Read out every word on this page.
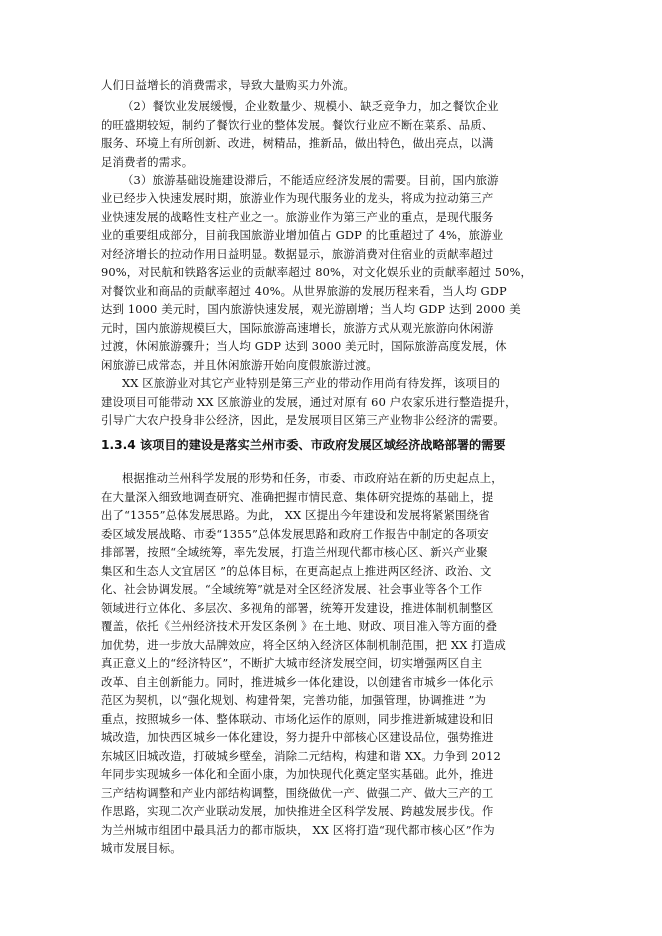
人们日益增长的消费需求，导致大量购买力外流。
（2）餐饮业发展缓慢，企业数量少、规模小、缺乏竞争力，加之餐饮企业
的旺盛期较短，制约了餐饮行业的整体发展。餐饮行业应不断在菜系、品质、
服务、环境上有所创新、改进，树精品，推新品，做出特色，做出亮点，以满
足消费者的需求。
（3）旅游基础设施建设滞后，不能适应经济发展的需要。目前，国内旅游
业已经步入快速发展时期，旅游业作为现代服务业的龙头，将成为拉动第三产
业快速发展的战略性支柱产业之一。旅游业作为第三产业的重点，是现代服务
业的重要组成部分，目前我国旅游业增加值占 GDP 的比重超过了 4%，旅游业
对经济增长的拉动作用日益明显。数据显示，旅游消费对住宿业的贡献率超过
90%，对民航和铁路客运业的贡献率超过 80%，对文化娱乐业的贡献率超过 50%，
对餐饮业和商品的贡献率超过 40%。从世界旅游的发展历程来看，当人均 GDP
达到 1000 美元时，国内旅游快速发展，观光游剧增；当人均 GDP 达到 2000 美
元时，国内旅游规模巨大，国际旅游高速增长，旅游方式从观光旅游向休闲游
过渡，休闲旅游骤升；当人均 GDP 达到 3000 美元时，国际旅游高度发展，休
闲旅游已成常态，并且休闲旅游开始向度假旅游过渡。
XX 区旅游业对其它产业特别是第三产业的带动作用尚有待发挥，该项目的
建设项目可能带动 XX 区旅游业的发展，通过对原有 60 户农家乐进行整造提升，
引导广大农户投身非公经济，因此，是发展项目区第三产业物非公经济的需要。
1.3.4 该项目的建设是落实兰州市委、市政府发展区域经济战略部署的需要
根据推动兰州科学发展的形势和任务，市委、市政府站在新的历史起点上，
在大量深入细致地调查研究、准确把握市情民意、集体研究提炼的基础上，提
出了“1355”总体发展思路。为此， XX 区提出今年建设和发展将紧紧围绕省
委区域发展战略、市委“1355”总体发展思路和政府工作报告中制定的各项安
排部署，按照“全域统筹，率先发展，打造兰州现代都市核心区、新兴产业聚
集区和生态人文宜居区 ”的总体目标，在更高起点上推进两区经济、政治、文
化、社会协调发展。“全域统筹”就是对全区经济发展、社会事业等各个工作
领域进行立体化、多层次、多视角的部署，统筹开发建设，推进体制机制整区
覆盖，依托《兰州经济技术开发区条例 》在土地、财政、项目准入等方面的叠
加优势，进一步放大品牌效应，将全区纳入经济区体制机制范围，把 XX 打造成
真正意义上的“经济特区”，不断扩大城市经济发展空间，切实增强两区自主
改革、自主创新能力。同时，推进城乡一体化建设，以创建省市城乡一体化示
范区为契机，以“强化规划、构建骨架，完善功能，加强管理，协调推进 ”为
重点，按照城乡一体、整体联动、市场化运作的原则，同步推进新城建设和旧
城改造，加快西区城乡一体化建设，努力提升中部核心区建设品位，强势推进
东城区旧城改造，打破城乡壁垒，消除二元结构，构建和谐 XX。力争到 2012
年同步实现城乡一体化和全面小康，为加快现代化奠定坚实基础。此外，推进
三产结构调整和产业内部结构调整，围绕做优一产、做强二产、做大三产的工
作思路，实现二次产业联动发展，加快推进全区科学发展、跨越发展步伐。作
为兰州城市组团中最具活力的都市版块， XX 区将打造“现代都市核心区”作为
城市发展目标。
